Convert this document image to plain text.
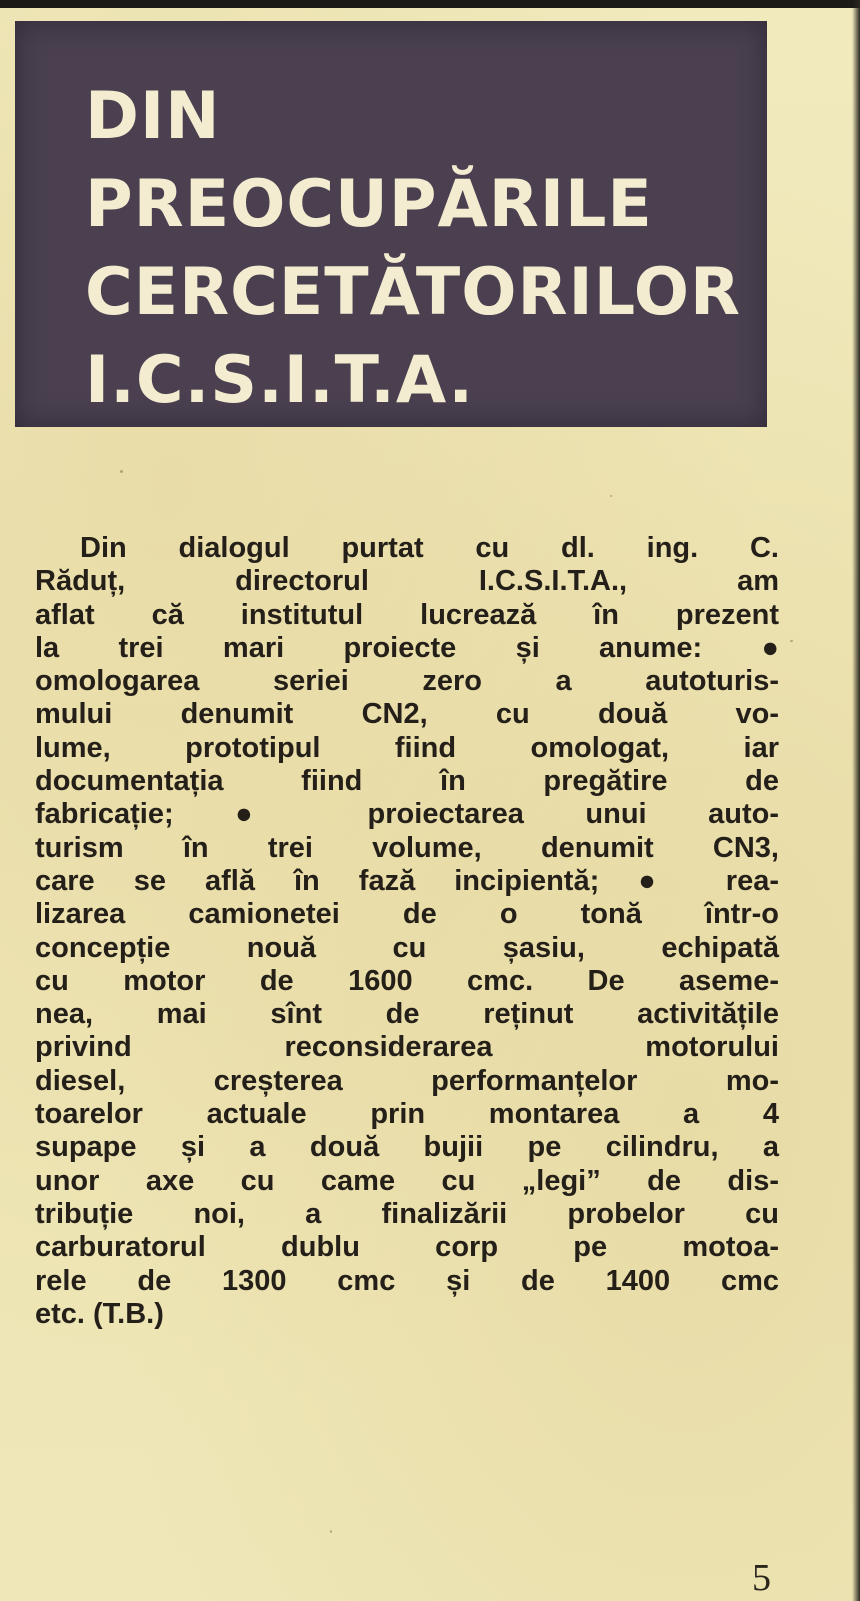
DIN
PREOCUPĂRILE
CERCETĂTORILOR
I.C.S.I.T.A.
Din dialogul purtat cu dl. ing. C.
Răduț, directorul I.C.S.I.T.A., am
aflat că institutul lucrează în prezent
la trei mari proiecte și anume: ●
omologarea seriei zero a autoturis-
mului denumit CN2, cu două vo-
lume, prototipul fiind omologat, iar
documentația fiind în pregătire de
fabricație; ● proiectarea unui auto-
turism în trei volume, denumit CN3,
care se află în fază incipientă; ● rea-
lizarea camionetei de o tonă într-o
concepție nouă cu șasiu, echipată
cu motor de 1600 cmc. De aseme-
nea, mai sînt de reținut activitățile
privind reconsiderarea motorului
diesel, creșterea performanțelor mo-
toarelor actuale prin montarea a 4
supape și a două bujii pe cilindru, a
unor axe cu came cu „legi” de dis-
tribuție noi, a finalizării probelor cu
carburatorul dublu corp pe motoa-
rele de 1300 cmc și de 1400 cmc
etc. (T.B.)
5
